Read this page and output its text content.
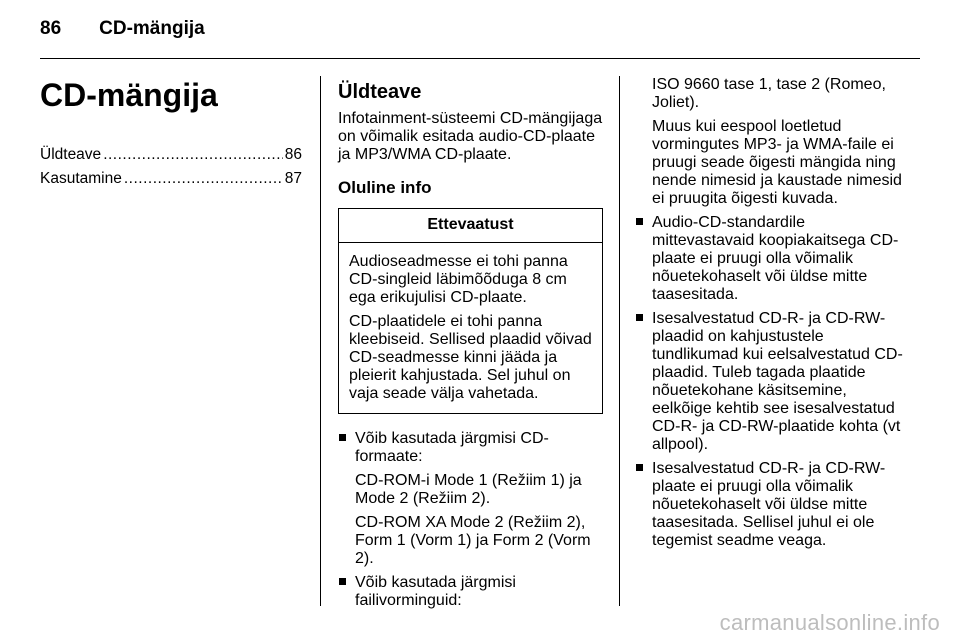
86 CD-mängija
CD-mängija
Üldteave .....	86
Kasutamine .....	87
Üldteave

Infotainment-süsteemi CD-mängijaga on võimalik esitada audio-CD-plaate ja MP3/WMA CD-plaate.

Oluline info
Ettevaatust

Audioseadmesse ei tohi panna CD-singleid läbimõõduga 8 cm ega erikujulisi CD-plaate.

CD-plaatidele ei tohi panna kleebiseid. Sellised plaadid võivad CD-seadmesse kinni jääda ja pleierit kahjustada. Sel juhul on vaja seade välja vahetada.

Võib kasutada järgmisi CD-formaate:
CD-ROM-i Mode 1 (Režiim 1) ja Mode 2 (Režiim 2).
CD-ROM XA Mode 2 (Režiim 2), Form 1 (Vorm 1) ja Form 2 (Vorm 2).
Võib kasutada järgmisi failivorminguid:

ISO 9660 tase 1, tase 2 (Romeo, Joliet).

Muus kui eespool loetletud vormingutes MP3- ja WMA-faile ei pruugi seade õigesti mängida ning nende nimesid ja kaustade nimesid ei pruugita õigesti kuvada.

Audio-CD-standardile mittevastavaid koopiakaitsega CD-plaate ei pruugi olla võimalik nõuetekohaselt või üldse mitte taasesitada.
Isesalvestatud CD-R- ja CD-RW-plaadid on kahjustustele tundlikumad kui eelsalvestatud CD-plaadid. Tuleb tagada plaatide nõuetekohane käsitsemine, eelkõige kehtib see isesalvestatud CD-R- ja CD-RW-plaatide kohta (vt allpool).
Isesalvestatud CD-R- ja CD-RW-plaate ei pruugi olla võimalik nõuetekohaselt või üldse mitte taasesitada. Sellisel juhul ei ole tegemist seadme veaga.
carmanualsonline.info
